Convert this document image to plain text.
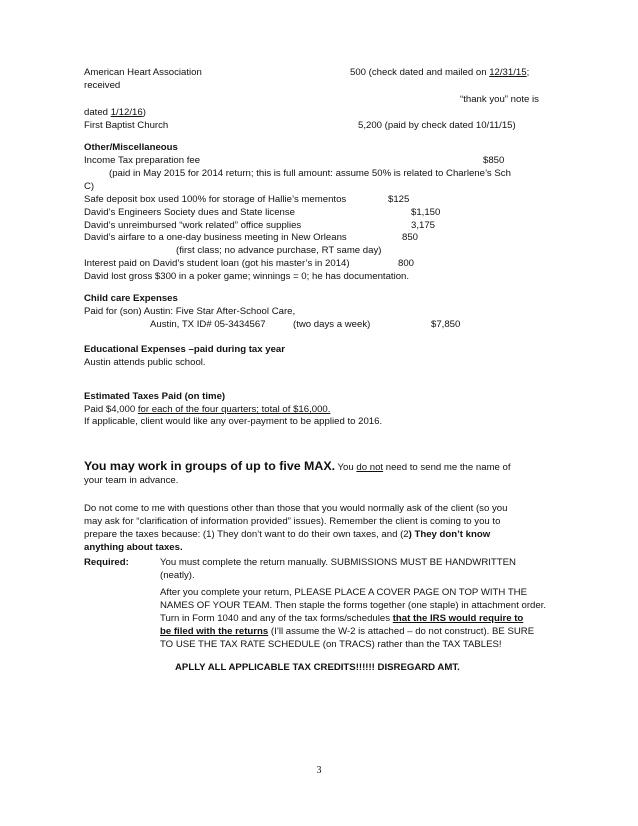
American Heart Association	500 (check dated and mailed on 12/31/15;
received
“thank you” note is
dated 1/12/16)
First Baptist Church	5,200 (paid by check dated 10/11/15)
Other/Miscellaneous
Income Tax preparation fee	$850
(paid in May 2015 for 2014 return; this is full amount: assume 50% is related to Charlene’s Sch
C)
Safe deposit box used 100% for storage of Hallie’s mementos	$125
David’s Engineers Society dues and State license	$1,150
David’s unreimbursed “work related” office supplies	3,175
David’s airfare to a one-day business meeting in New Orleans	850
(first class; no advance purchase, RT same day)
Interest paid on David’s student loan (got his master’s in 2014)	800
David lost gross $300 in a poker game; winnings = 0; he has documentation.
Child care Expenses
Paid for (son) Austin: Five Star After-School Care,
Austin, TX ID# 05-3434567	(two days a week)	$7,850
Educational Expenses –paid during tax year
Austin attends public school.
Estimated Taxes Paid (on time)
Paid $4,000 for each of the four quarters; total of $16,000.
If applicable, client would like any over-payment to be applied to 2016.
You may work in groups of up to five MAX. You do not need to send me the name of
your team in advance.
Do not come to me with questions other than those that you would normally ask of the client (so you
may ask for “clarification of information provided” issues). Remember the client is coming to you to
prepare the taxes because: (1) They don’t want to do their own taxes, and (2) They don’t know
anything about taxes.
Required:	You must complete the return manually. SUBMISSIONS MUST BE HANDWRITTEN
(neatly).
After you complete your return, PLEASE PLACE A COVER PAGE ON TOP WITH THE
NAMES OF YOUR TEAM. Then staple the forms together (one staple) in attachment order.
Turn in Form 1040 and any of the tax forms/schedules that the IRS would require to
be filed with the returns (I’ll assume the W-2 is attached – do not construct). BE SURE
TO USE THE TAX RATE SCHEDULE (on TRACS) rather than the TAX TABLES!
APLLY ALL APPLICABLE TAX CREDITS!!!!!! DISREGARD AMT.
3
